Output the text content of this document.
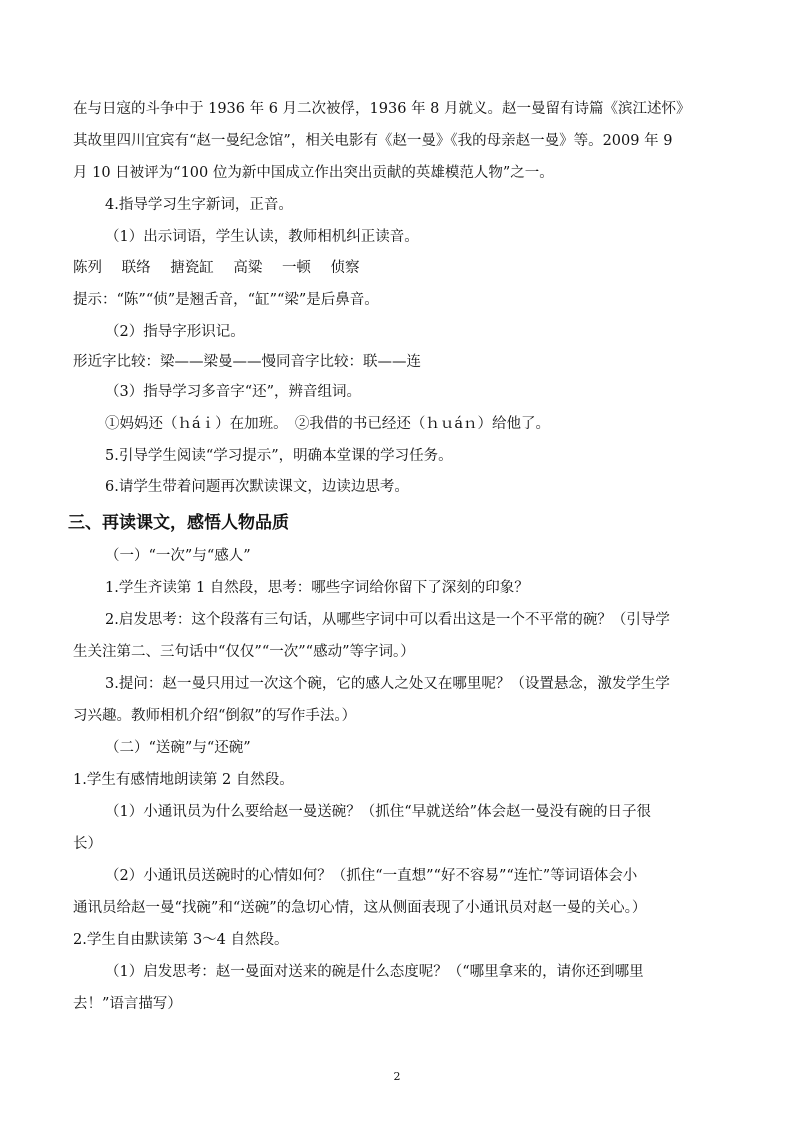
在与日寇的斗争中于 1936 年 6 月二次被俘，1936 年 8 月就义。赵一曼留有诗篇《滨江述怀》
其故里四川宜宾有“赵一曼纪念馆”，相关电影有《赵一曼》《我的母亲赵一曼》等。2009 年 9
月 10 日被评为“100 位为新中国成立作出突出贡献的英雄模范人物”之一。
4.指导学习生字新词，正音。
（1）出示词语，学生认读，教师相机纠正读音。
陈列 联络 搪瓷缸 高粱 一顿 侦察
提示：“陈”“侦”是翘舌音，“缸”“梁”是后鼻音。
（2）指导字形识记。
形近字比较：梁——梁曼——慢同音字比较：联——连
（3）指导学习多音字“还”，辨音组词。
①妈妈还（ｈáｉ）在加班。　②我借的书已经还（ｈｕáｎ）给他了。
5.引导学生阅读“学习提示”，明确本堂课的学习任务。
6.请学生带着问题再次默读课文，边读边思考。
三、再读课文，感悟人物品质
（一）“一次”与“感人”
1.学生齐读第 1 自然段，思考：哪些字词给你留下了深刻的印象？
2.启发思考：这个段落有三句话，从哪些字词中可以看出这是一个不平常的碗？（引导学
生关注第二、三句话中“仅仅”“一次”“感动”等字词。）
3.提问：赵一曼只用过一次这个碗，它的感人之处又在哪里呢？（设置悬念，激发学生学
习兴趣。教师相机介绍“倒叙”的写作手法。）
（二）“送碗”与“还碗”
1.学生有感情地朗读第 2 自然段。
（1）小通讯员为什么要给赵一曼送碗？（抓住“早就送给”体会赵一曼没有碗的日子很
长）
（2）小通讯员送碗时的心情如何？（抓住“一直想”“好不容易”“连忙”等词语体会小
通讯员给赵一曼“找碗”和“送碗”的急切心情，这从侧面表现了小通讯员对赵一曼的关心。）
2.学生自由默读第 3～4 自然段。
（1）启发思考：赵一曼面对送来的碗是什么态度呢？（“哪里拿来的，请你还到哪里
去！”语言描写）
2
